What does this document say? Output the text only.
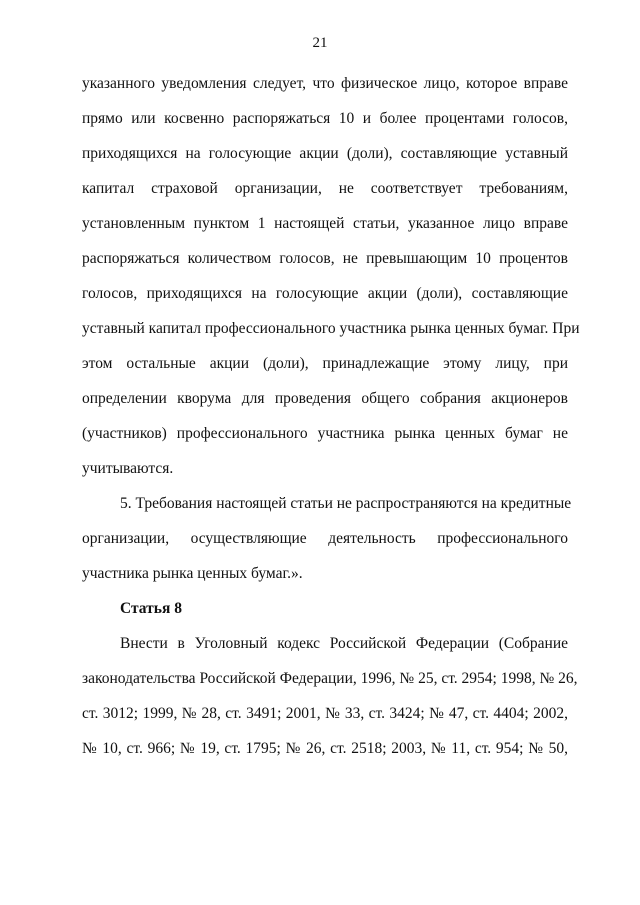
21
указанного уведомления следует, что физическое лицо, которое вправе
прямо или косвенно распоряжаться 10 и более процентами голосов,
приходящихся на голосующие акции (доли), составляющие уставный
капитал страховой организации, не соответствует требованиям,
установленным пунктом 1 настоящей статьи, указанное лицо вправе
распоряжаться количеством голосов, не превышающим 10 процентов
голосов, приходящихся на голосующие акции (доли), составляющие
уставный капитал профессионального участника рынка ценных бумаг. При
этом остальные акции (доли), принадлежащие этому лицу, при
определении кворума для проведения общего собрания акционеров
(участников) профессионального участника рынка ценных бумаг не
учитываются.
5. Требования настоящей статьи не распространяются на кредитные
организации, осуществляющие деятельность профессионального
участника рынка ценных бумаг.».
Статья 8
Внести в Уголовный кодекс Российской Федерации (Собрание
законодательства Российской Федерации, 1996, № 25, ст. 2954; 1998, № 26,
ст. 3012; 1999, № 28, ст. 3491; 2001, № 33, ст. 3424; № 47, ст. 4404; 2002,
№ 10, ст. 966; № 19, ст. 1795; № 26, ст. 2518; 2003, № 11, ст. 954; № 50,
